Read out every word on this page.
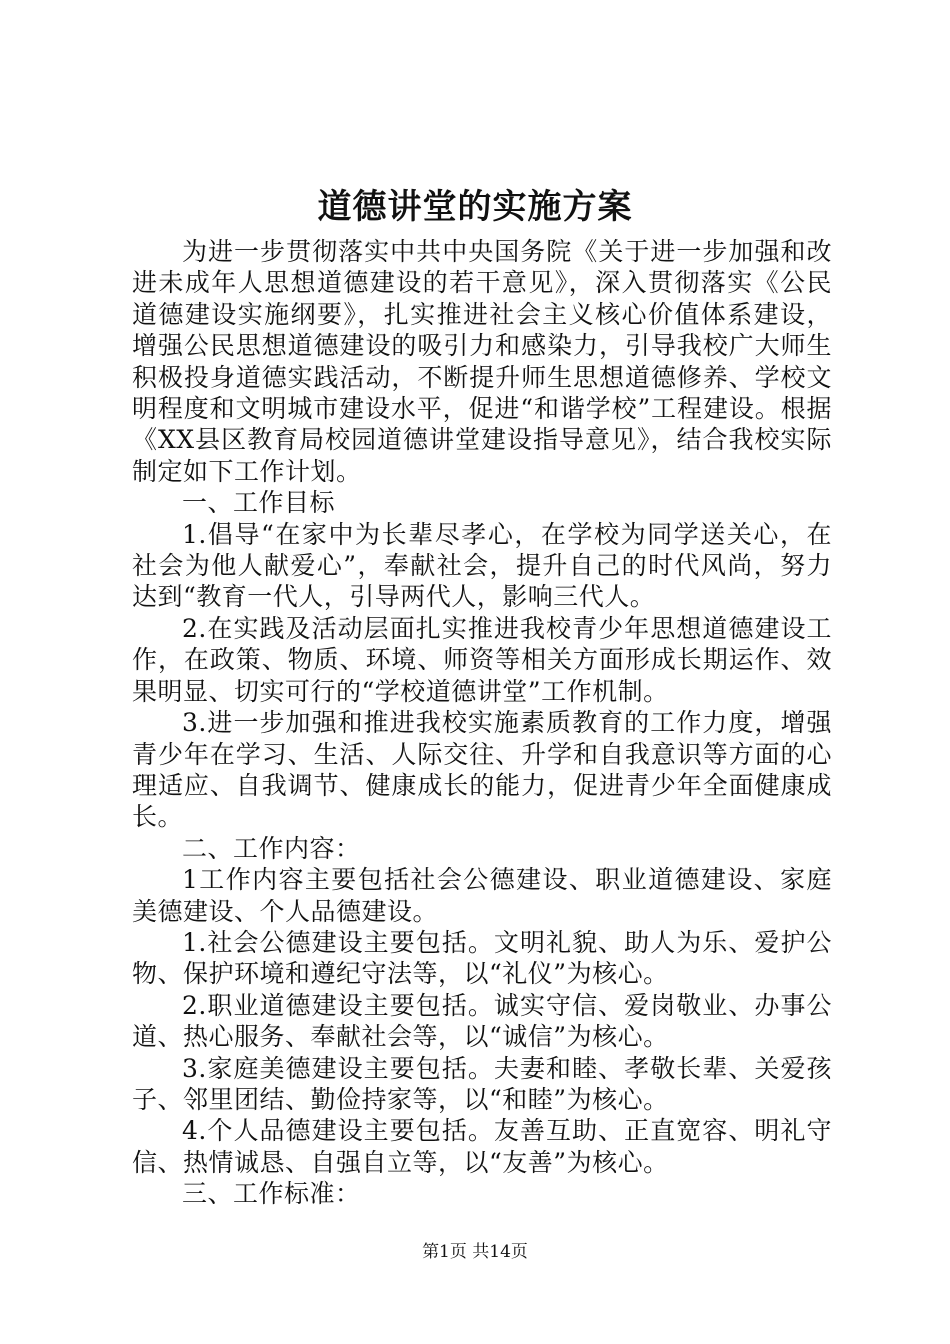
道德讲堂的实施方案

为进一步贯彻落实中共中央国务院《关于进一步加强和改进未成年人思想道德建设的若干意见》，深入贯彻落实《公民道德建设实施纲要》，扎实推进社会主义核心价值体系建设，增强公民思想道德建设的吸引力和感染力，引导我校广大师生积极投身道德实践活动，不断提升师生思想道德修养、学校文明程度和文明城市建设水平，促进“和谐学校”工程建设。根据《XX县区教育局校园道德讲堂建设指导意见》，结合我校实际制定如下工作计划。

一、工作目标

1.倡导“在家中为长辈尽孝心，在学校为同学送关心，在社会为他人献爱心”，奉献社会，提升自己的时代风尚，努力达到“教育一代人，引导两代人，影响三代人。

2.在实践及活动层面扎实推进我校青少年思想道德建设工作，在政策、物质、环境、师资等相关方面形成长期运作、效果明显、切实可行的“学校道德讲堂”工作机制。

3.进一步加强和推进我校实施素质教育的工作力度，增强青少年在学习、生活、人际交往、升学和自我意识等方面的心理适应、自我调节、健康成长的能力，促进青少年全面健康成长。

二、工作内容：

1工作内容主要包括社会公德建设、职业道德建设、家庭美德建设、个人品德建设。

1.社会公德建设主要包括。文明礼貌、助人为乐、爱护公物、保护环境和遵纪守法等，以“礼仪”为核心。

2.职业道德建设主要包括。诚实守信、爱岗敬业、办事公道、热心服务、奉献社会等，以“诚信”为核心。

3.家庭美德建设主要包括。夫妻和睦、孝敬长辈、关爱孩子、邻里团结、勤俭持家等，以“和睦”为核心。

4.个人品德建设主要包括。友善互助、正直宽容、明礼守信、热情诚恳、自强自立等，以“友善”为核心。

三、工作标准：

第1页 共14页
